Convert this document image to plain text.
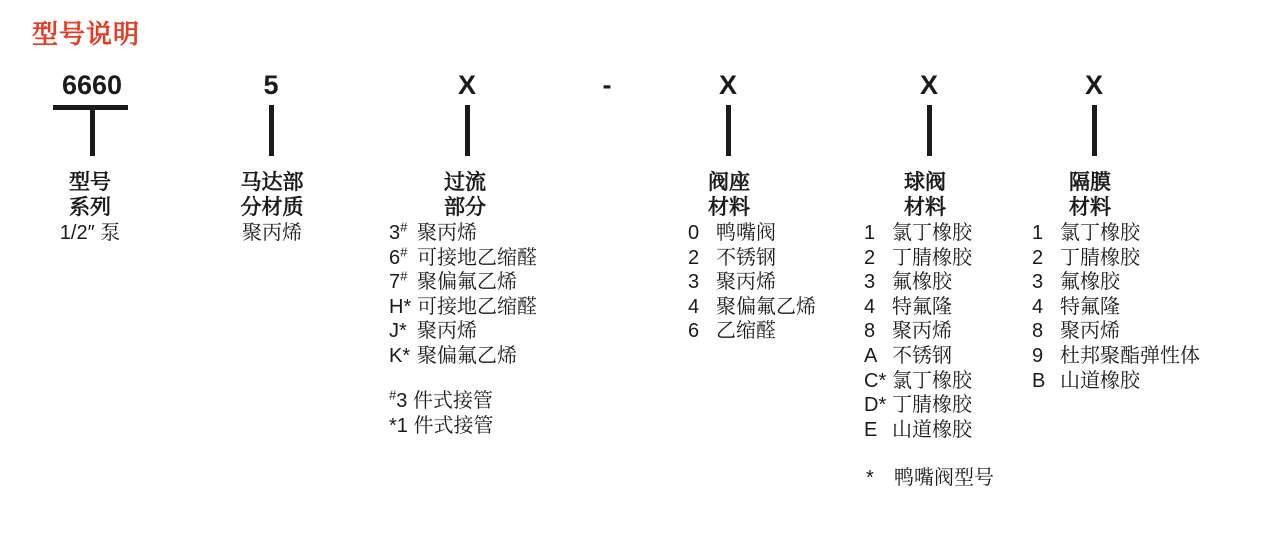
型号说明
6660	5	X	-	X	X	X
型号
系列
1/2″ 泵
马达部
分材质
聚丙烯
过流
部分
阀座
材料
球阀
材料
隔膜
材料
3# 聚丙烯
6# 可接地乙缩醛
7# 聚偏氟乙烯
H* 可接地乙缩醛
J* 聚丙烯
K* 聚偏氟乙烯
0 鸭嘴阀
2 不锈钢
3 聚丙烯
4 聚偏氟乙烯
6 乙缩醛
1 氯丁橡胶
2 丁腈橡胶
3 氟橡胶
4 特氟隆
8 聚丙烯
A 不锈钢
C* 氯丁橡胶
D* 丁腈橡胶
E 山道橡胶
1 氯丁橡胶
2 丁腈橡胶
3 氟橡胶
4 特氟隆
8 聚丙烯
9 杜邦聚酯弹性体
B 山道橡胶
#3 件式接管
*1 件式接管
* 鸭嘴阀型号
